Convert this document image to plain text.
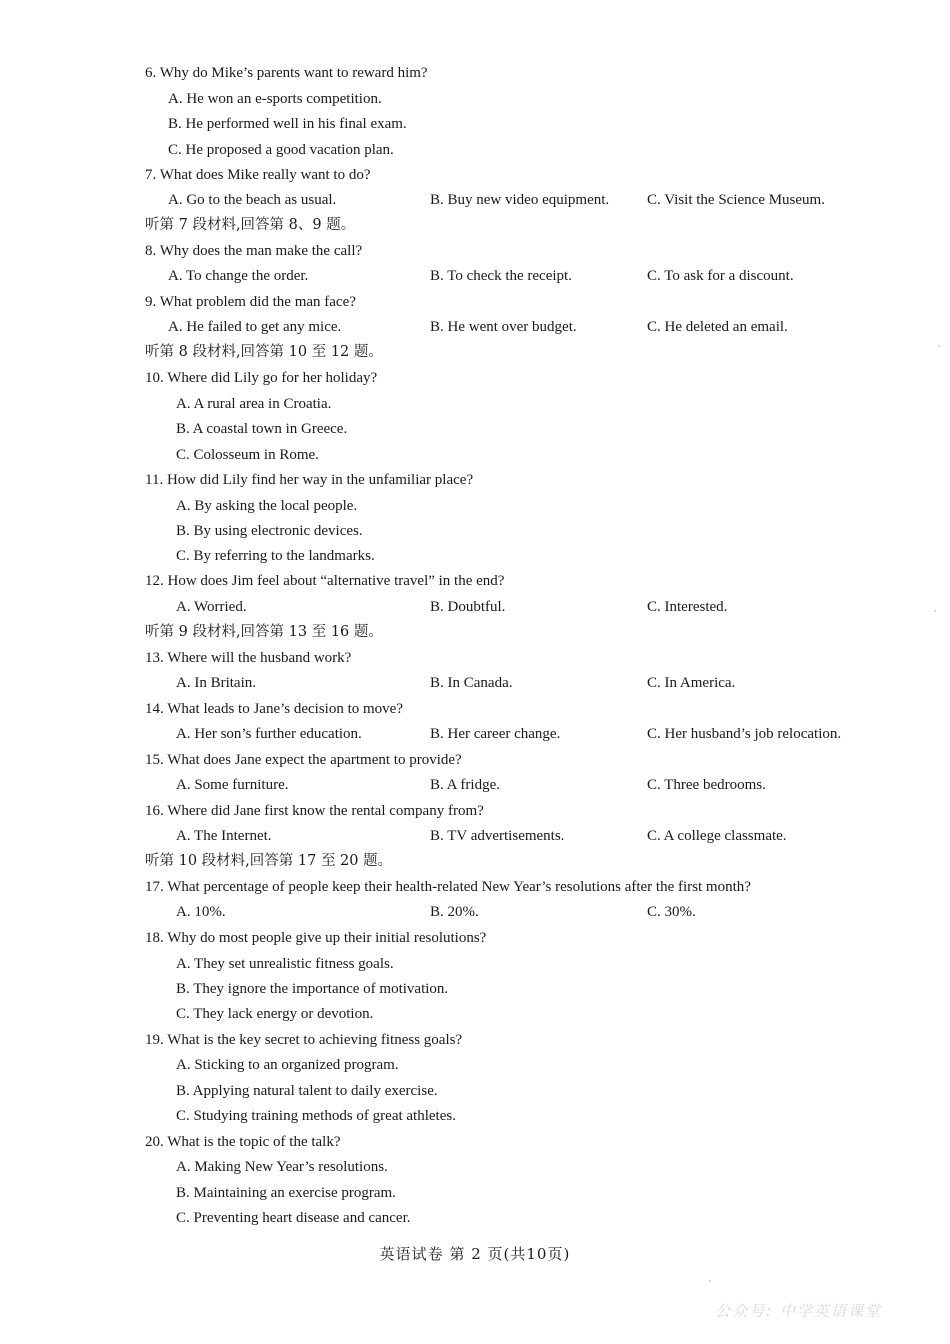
6. Why do Mike’s parents want to reward him?
A. He won an e-sports competition.
B. He performed well in his final exam.
C. He proposed a good vacation plan.
7. What does Mike really want to do?
A. Go to the beach as usual.	B. Buy new video equipment.	C. Visit the Science Museum.
听第 7 段材料,回答第 8、9 题。
8. Why does the man make the call?
A. To change the order.	B. To check the receipt.	C. To ask for a discount.
9. What problem did the man face?
A. He failed to get any mice.	B. He went over budget.	C. He deleted an email.
听第 8 段材料,回答第 10 至 12 题。
10. Where did Lily go for her holiday?
A. A rural area in Croatia.
B. A coastal town in Greece.
C. Colosseum in Rome.
11. How did Lily find her way in the unfamiliar place?
A. By asking the local people.
B. By using electronic devices.
C. By referring to the landmarks.
12. How does Jim feel about “alternative travel” in the end?
A. Worried.	B. Doubtful.	C. Interested.
听第 9 段材料,回答第 13 至 16 题。
13. Where will the husband work?
A. In Britain.	B. In Canada.	C. In America.
14. What leads to Jane’s decision to move?
A. Her son’s further education.	B. Her career change.	C. Her husband’s job relocation.
15. What does Jane expect the apartment to provide?
A. Some furniture.	B. A fridge.	C. Three bedrooms.
16. Where did Jane first know the rental company from?
A. The Internet.	B. TV advertisements.	C. A college classmate.
听第 10 段材料,回答第 17 至 20 题。
17. What percentage of people keep their health-related New Year’s resolutions after the first month?
A. 10%.	B. 20%.	C. 30%.
18. Why do most people give up their initial resolutions?
A. They set unrealistic fitness goals.
B. They ignore the importance of motivation.
C. They lack energy or devotion.
19. What is the key secret to achieving fitness goals?
A. Sticking to an organized program.
B. Applying natural talent to daily exercise.
C. Studying training methods of great athletes.
20. What is the topic of the talk?
A. Making New Year’s resolutions.
B. Maintaining an exercise program.
C. Preventing heart disease and cancer.
英语试卷 第 2 页(共10页)
公众号: 中学英语课堂
